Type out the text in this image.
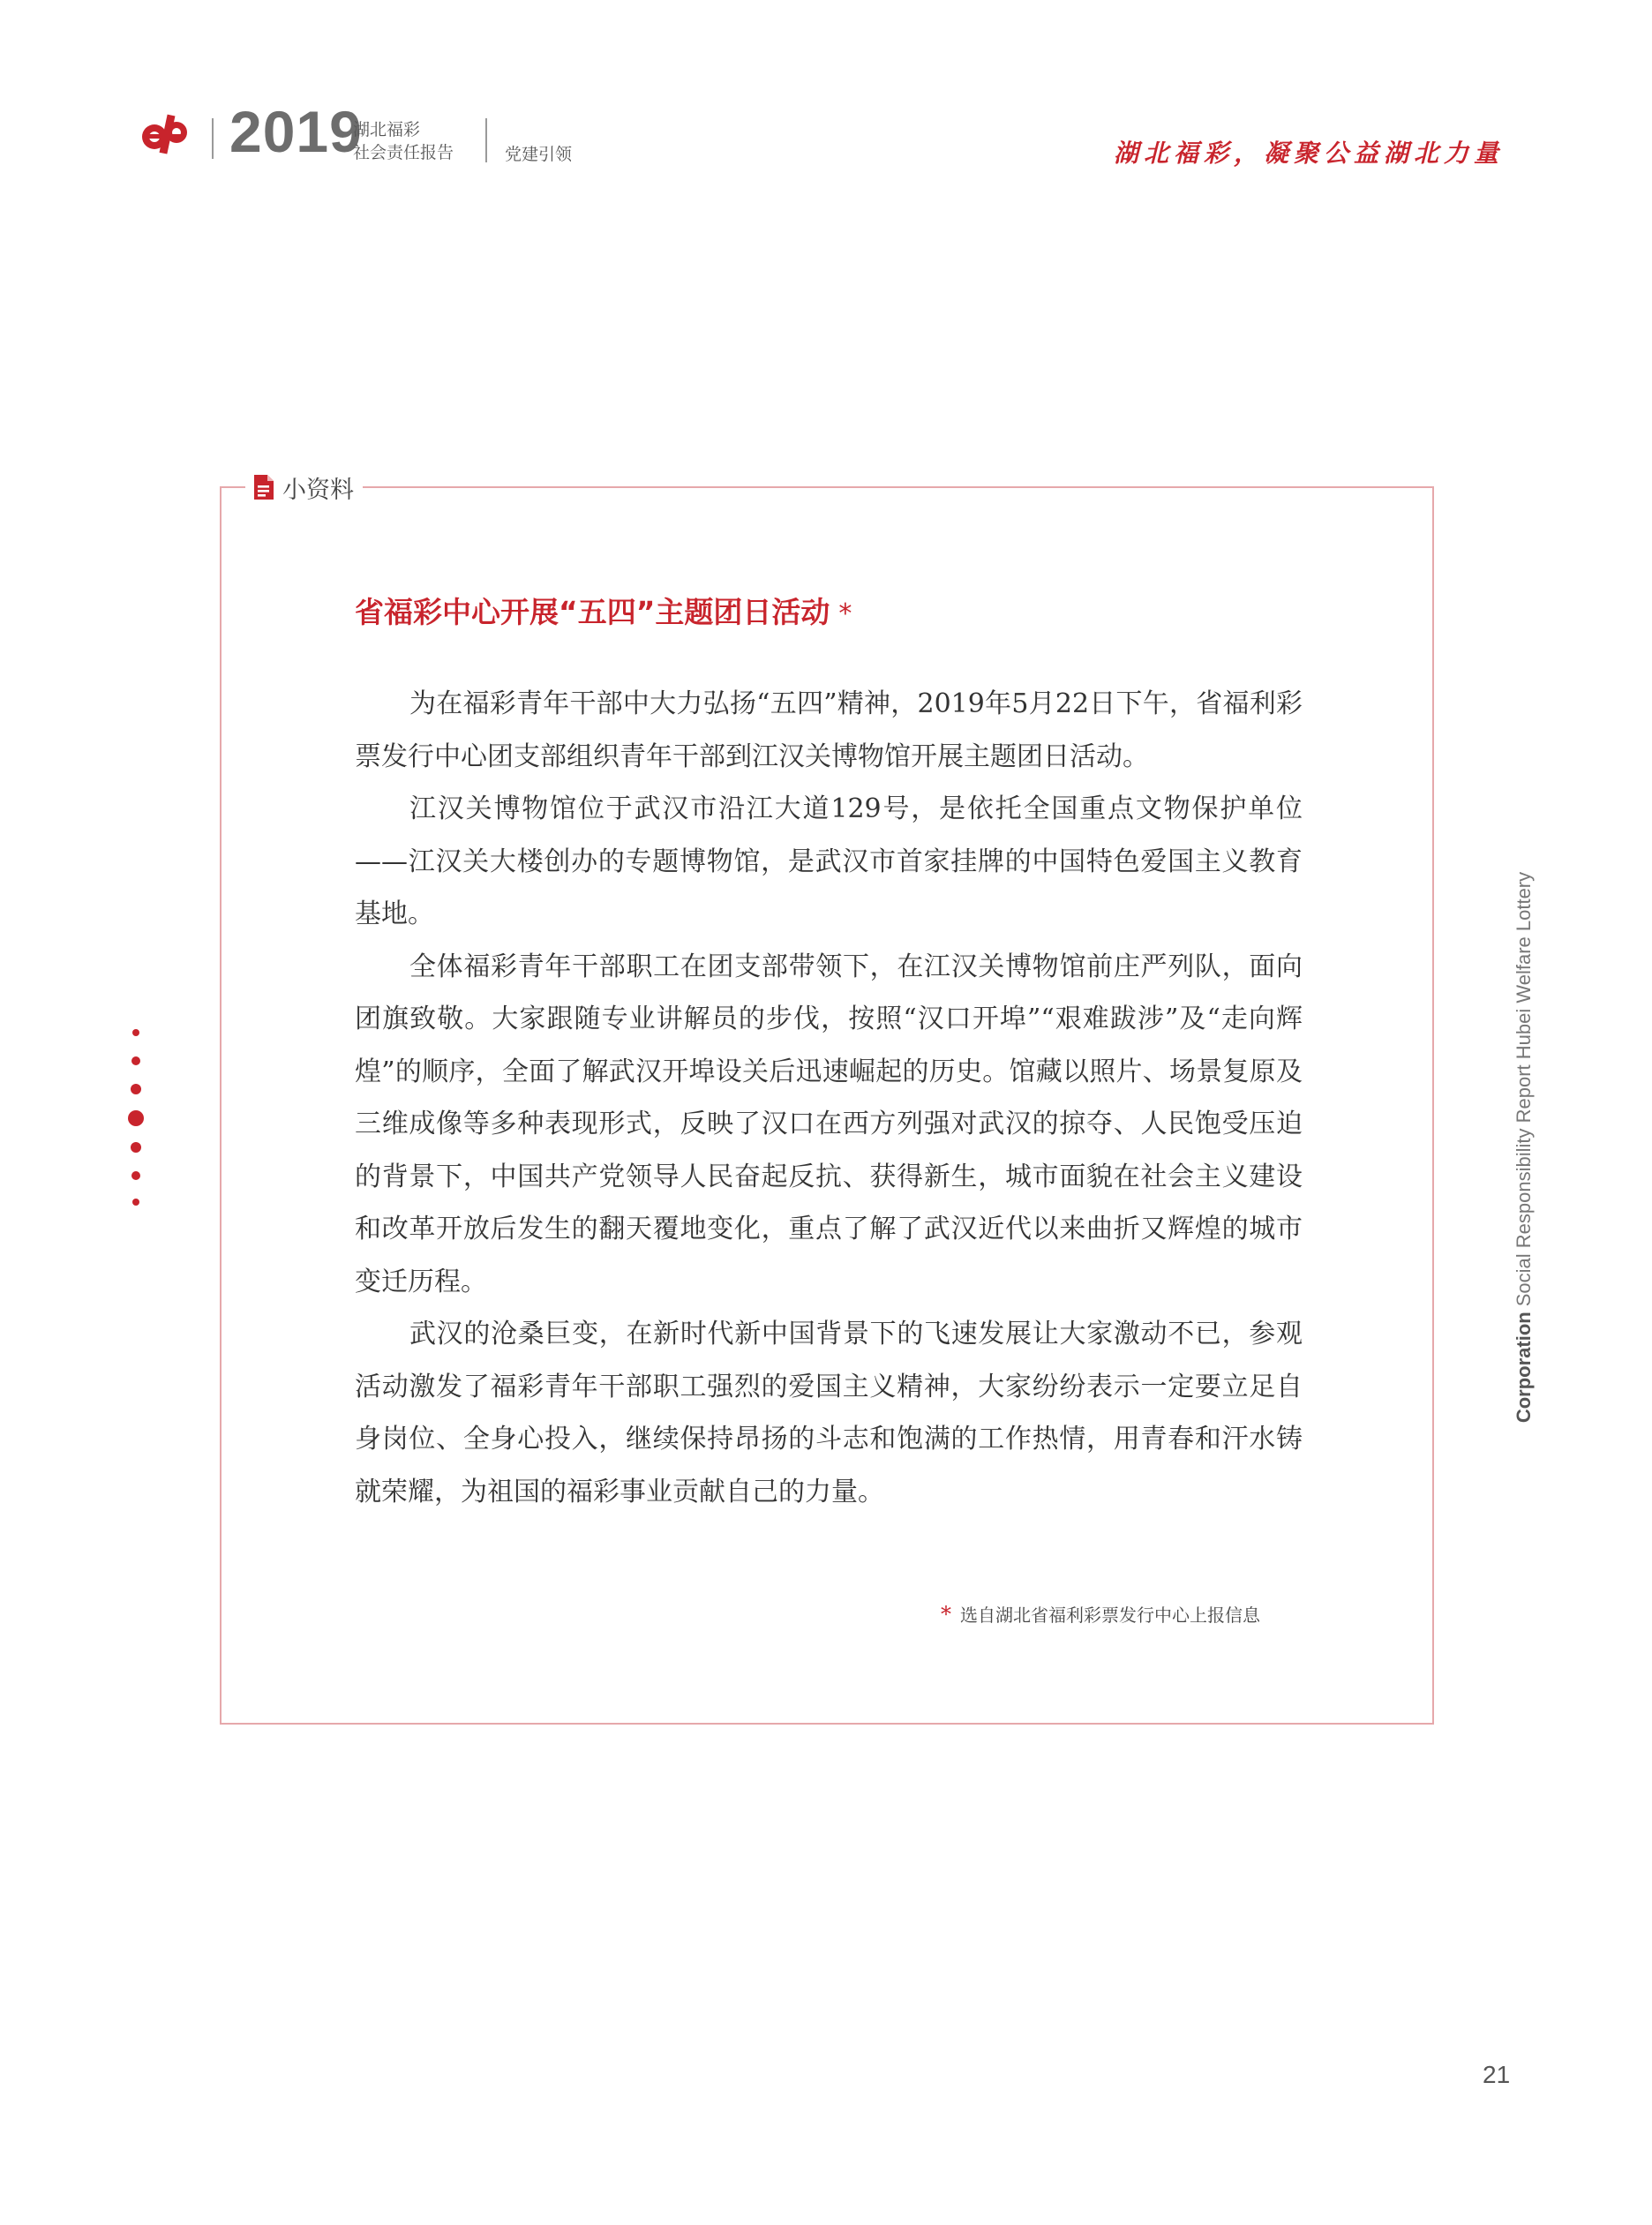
2019
湖北福彩
社会责任报告	党建引领	湖北福彩，凝聚公益湖北力量
小资料
省福彩中心开展“五四”主题团日活动 *

为在福彩青年干部中大力弘扬“五四”精神，2019年5月22日下午，省福利彩票发行中心团支部组织青年干部到江汉关博物馆开展主题团日活动。

江汉关博物馆位于武汉市沿江大道129号，是依托全国重点文物保护单位——江汉关大楼创办的专题博物馆，是武汉市首家挂牌的中国特色爱国主义教育基地。

全体福彩青年干部职工在团支部带领下，在江汉关博物馆前庄严列队，面向团旗致敬。大家跟随专业讲解员的步伐，按照“汉口开埠”“艰难跋涉”及“走向辉煌”的顺序，全面了解武汉开埠设关后迅速崛起的历史。馆藏以照片、场景复原及三维成像等多种表现形式，反映了汉口在西方列强对武汉的掠夺、人民饱受压迫的背景下，中国共产党领导人民奋起反抗、获得新生，城市面貌在社会主义建设和改革开放后发生的翻天覆地变化，重点了解了武汉近代以来曲折又辉煌的城市变迁历程。

武汉的沧桑巨变，在新时代新中国背景下的飞速发展让大家激动不已，参观活动激发了福彩青年干部职工强烈的爱国主义精神，大家纷纷表示一定要立足自身岗位、全身心投入，继续保持昂扬的斗志和饱满的工作热情，用青春和汗水铸就荣耀，为祖国的福彩事业贡献自己的力量。

* 选自湖北省福利彩票发行中心上报信息
Corporation
Social Responsibility Report Hubei Welfare Lottery
21
